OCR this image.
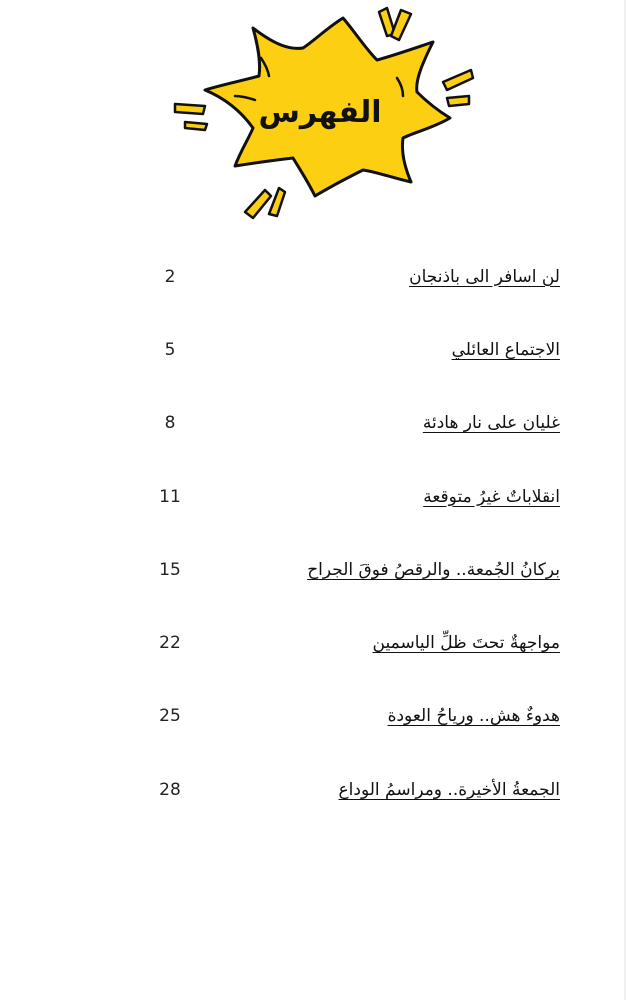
الفهرس
2	لن اسافر الى باذنجان
5	الاجتماع العائلي
8	غليان على نار هادئة
11	انقلاباتٌ غيرُ متوقعة
15	بركانُ الجُمعة.. والرقصُ فوقَ الجراح
22	مواجهةٌ تحتَ ظلِّ الياسمين
25	هدوءٌ هش.. ورياحُ العودة
28	الجمعةُ الأخيرة.. ومراسمُ الوداع
